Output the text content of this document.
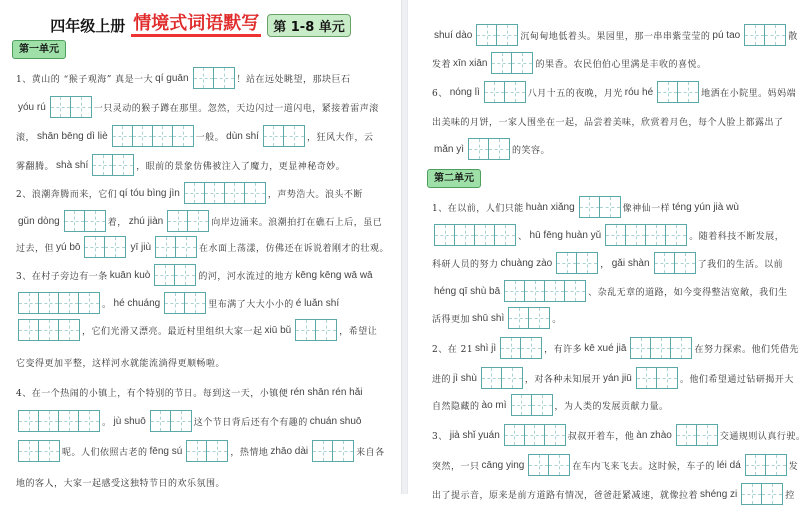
四年级上册 情境式词语默写	第 1-8 单元
第一单元
1、黄山的 “猴子观海” 真是一大 qí guān	！站在远处眺望，那块巨石
yóu rú	一只灵动的猴子蹲在那里。忽然，天边闪过一道闪电，紧接着雷声滚
滚， shān bēng dì liè	一般。 dùn shí	，狂风大作，云
雾翻腾。 shà shí	，眼前的景象仿佛被注入了魔力，更显神秘奇妙。
2、浪潮奔腾而来，它们 qí tóu bìng jìn	，声势浩大。浪头不断
gǔn dòng	着， zhú jiàn	向岸边涌来。浪潮拍打在礁石上后，虽已
过去，但 yú bō	yī jiù	在水面上荡漾，仿佛还在诉说着刚才的壮观。
3、在村子旁边有一条 kuān kuò	的河，河水流过的地方 kēng kēng wā wā
。 hé chuáng	里布满了大大小小的 é luǎn shí
，它们光滑又漂亮。最近村里组织大家一起 xiū bǔ	，希望让
它变得更加平整，这样河水就能流淌得更顺畅啦。
4、在一个热闹的小镇上，有个特别的节日。每到这一天，小镇便 rén shān rén hǎi
。 jù shuō	这个节日背后还有个有趣的 chuán shuō
呢。人们依照古老的 fēng sú	，热情地 zhāo dài	来自各
地的客人，大家一起感受这独特节日的欢乐氛围。
第二单元
shuí dào	沉甸甸地低着头。果园里，那一串串紫莹莹的 pú tao	散
发着 xīn xiān	的果香。农民伯伯心里满是丰收的喜悦。
6、 nóng lì	八月十五的夜晚，月光 róu hé	地洒在小院里。妈妈端
出美味的月饼，一家人围坐在一起，品尝着美味，欣赏着月色，每个人脸上都露出了
mǎn yì	的笑容。
1、在以前，人们只能 huàn xiǎng	像神仙一样 téng yún jià wù
、 hū fēng huàn yǔ	。随着科技不断发展，
科研人员的努力 chuàng zào	， gǎi shàn	了我们的生活。以前
héng qī shù bā	、杂乱无章的道路，如今变得整洁宽敞，我们生
活得更加 shū shì	。
2、在 21 shì jì	，有许多 kē xué jiā	在努力探索。他们凭借先
进的 jì shù	，对各种未知展开 yán jiū	。他们希望通过钻研揭开大
自然隐藏的 ào mì	，为人类的发展贡献力量。
3、 jià shǐ yuán	叔叔开着车，他 àn zhào	交通规则认真行驶。
突然，一只 cāng ying	在车内飞来飞去。这时候，车子的 léi dá	发
出了提示音，原来是前方道路有情况，爸爸赶紧减速，就像拉着 shéng zi	控
